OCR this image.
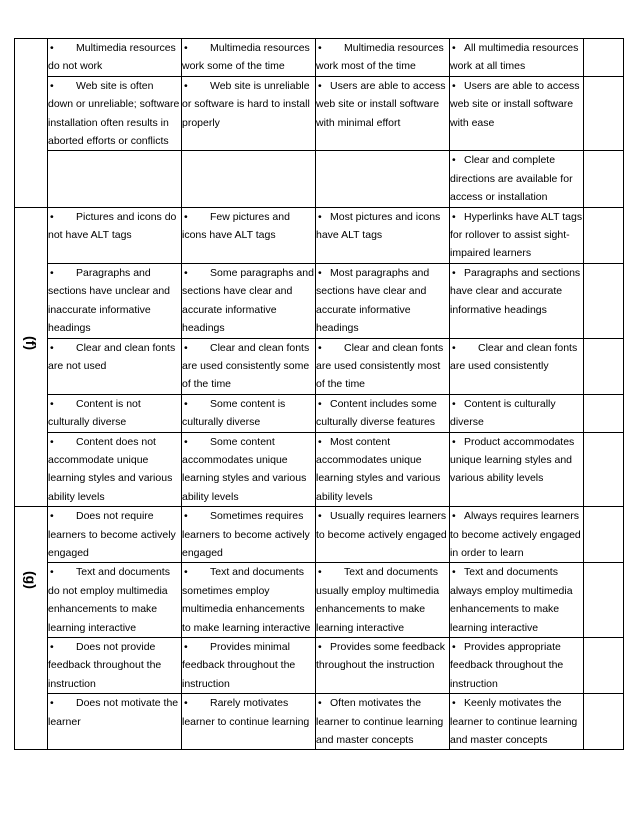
	• Multimedia resources do not work	• Multimedia resources work some of the time	• Multimedia resources work most of the time	• All multimedia resources work at all times	

	• Web site is often down or unreliable; software installation often results in aborted efforts or conflicts	• Web site is unreliable or software is hard to install properly	• Users are able to access web site or install software with minimal effort	• Users are able to access web site or install software with ease	

				• Clear and complete directions are available for access or installation	

(f)	• Pictures and icons do not have ALT tags	• Few pictures and icons have ALT tags	• Most pictures and icons have ALT tags	• Hyperlinks have ALT tags for rollover to assist sight-impaired learners	

	• Paragraphs and sections have unclear and inaccurate informative headings	• Some paragraphs and sections have clear and accurate informative headings	• Most paragraphs and sections have clear and accurate informative headings	• Paragraphs and sections have clear and accurate informative headings	

	• Clear and clean fonts are not used	• Clear and clean fonts are used consistently some of the time	• Clear and clean fonts are used consistently most of the time	• Clear and clean fonts are used consistently	

	• Content is not culturally diverse	• Some content is culturally diverse	• Content includes some culturally diverse features	• Content is culturally diverse	

	• Content does not accommodate unique learning styles and various ability levels	• Some content accommodates unique learning styles and various ability levels	• Most content accommodates unique learning styles and various ability levels	• Product accommodates unique learning styles and various ability levels	

(g)	• Does not require learners to become actively engaged	• Sometimes requires learners to become actively engaged	• Usually requires learners to become actively engaged	• Always requires learners to become actively engaged in order to learn	

	• Text and documents do not employ multimedia enhancements to make learning interactive	• Text and documents sometimes employ multimedia enhancements to make learning interactive	• Text and documents usually employ multimedia enhancements to make learning interactive	• Text and documents always employ multimedia enhancements to make learning interactive	

	• Does not provide feedback throughout the instruction	• Provides minimal feedback throughout the instruction	• Provides some feedback throughout the instruction	• Provides appropriate feedback throughout the instruction	

	• Does not motivate the learner	• Rarely motivates learner to continue learning	• Often motivates the learner to continue learning and master concepts	• Keenly motivates the learner to continue learning and master concepts	
